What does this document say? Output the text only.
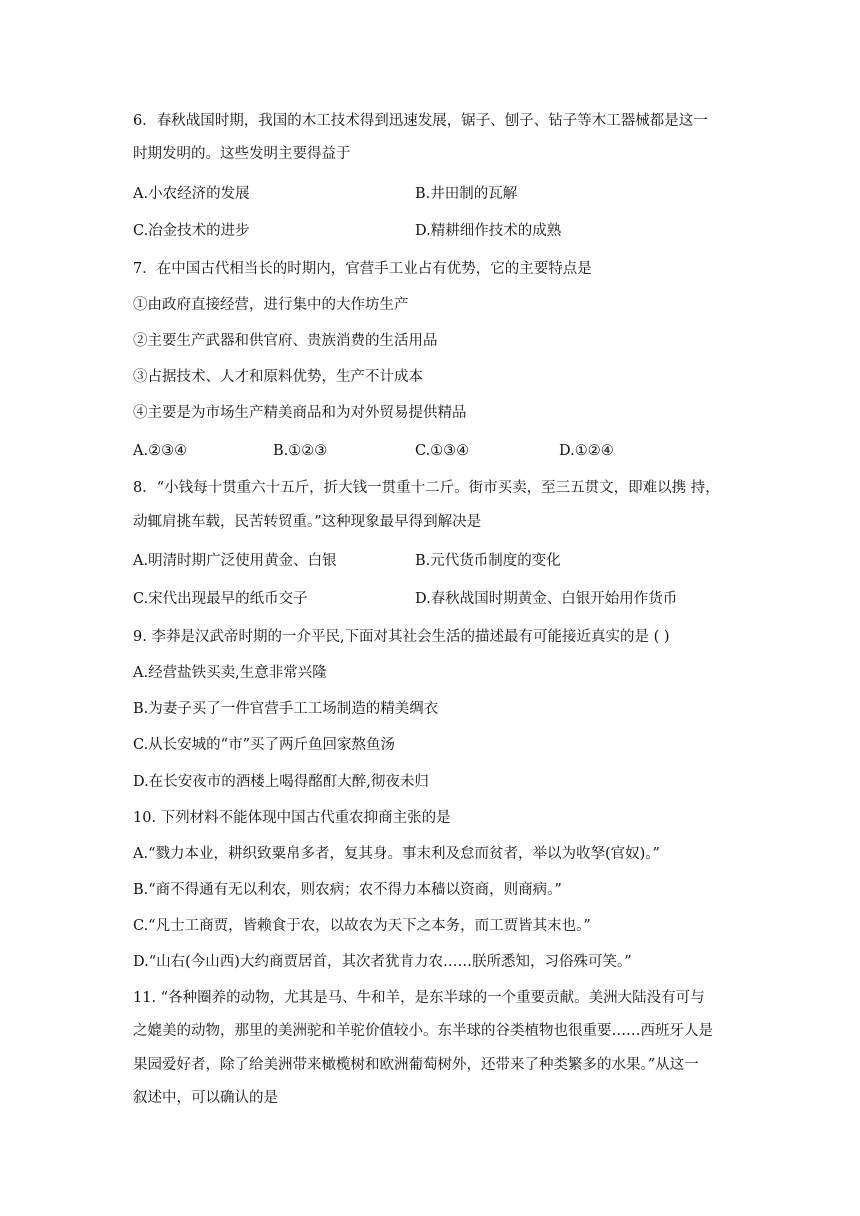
6．春秋战国时期，我国的木工技术得到迅速发展，锯子、刨子、钻子等木工器械都是这一
时期发明的。这些发明主要得益于
A.小农经济的发展	B.井田制的瓦解
C.冶金技术的进步	D.精耕细作技术的成熟
7．在中国古代相当长的时期内，官营手工业占有优势，它的主要特点是
①由政府直接经营，进行集中的大作坊生产
②主要生产武器和供官府、贵族消费的生活用品
③占据技术、人才和原料优势，生产不计成本
④主要是为市场生产精美商品和为对外贸易提供精品
A.②③④	B.①②③	C.①③④	D.①②④
8．“小钱每十贯重六十五斤，折大钱一贯重十二斤。街市买卖，至三五贯文，即难以携 持，
动辄肩挑车载，民苦转贸重。”这种现象最早得到解决是
A.明清时期广泛使用黄金、白银	B.元代货币制度的变化
C.宋代出现最早的纸币交子	D.春秋战国时期黄金、白银开始用作货币
9. 李莽是汉武帝时期的一介平民,下面对其社会生活的描述最有可能接近真实的是 ( )
A.经营盐铁买卖,生意非常兴隆
B.为妻子买了一件官营手工工场制造的精美绸衣
C.从长安城的“市”买了两斤鱼回家熬鱼汤
D.在长安夜市的酒楼上喝得酩酊大醉,彻夜未归
10. 下列材料不能体现中国古代重农抑商主张的是
A.“戮力本业，耕织致粟帛多者，复其身。事末利及怠而贫者，举以为收孥(官奴)。”
B.“商不得通有无以利农，则农病；农不得力本穑以资商，则商病。”
C.“凡士工商贾，皆赖食于农，以故农为天下之本务，而工贾皆其末也。”
D.“山右(今山西)大约商贾居首，其次者犹肯力农……朕所悉知，习俗殊可笑。”
11. “各种圈养的动物，尤其是马、牛和羊，是东半球的一个重要贡献。美洲大陆没有可与
之媲美的动物，那里的美洲驼和羊驼价值较小。东半球的谷类植物也很重要……西班牙人是
果园爱好者，除了给美洲带来橄榄树和欧洲葡萄树外，还带来了种类繁多的水果。”从这一
叙述中，可以确认的是
